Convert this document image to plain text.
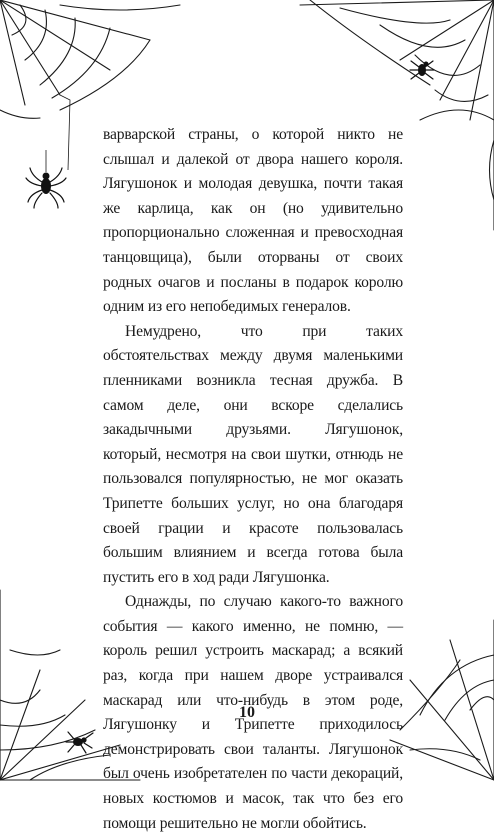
варварской страны, о которой никто не слышал и далекой от двора нашего короля. Лягушонок и молодая девушка, почти такая же карлица, как он (но удивительно пропорционально сложенная и превосходная танцовщица), были оторваны от своих родных очагов и посланы в подарок королю одним из его непобедимых генералов.

Немудрено, что при таких обстоятельствах между двумя маленькими пленниками возникла тесная дружба. В самом деле, они вскоре сделались закадычными друзьями. Лягушонок, который, несмотря на свои шутки, отнюдь не пользовался популярностью, не мог оказать Трипетте больших услуг, но она благодаря своей грации и красоте пользовалась большим влиянием и всегда готова была пустить его в ход ради Лягушонка.

Однажды, по случаю какого-то важного события — какого именно, не помню, — король решил устроить маскарад; а всякий раз, когда при нашем дворе устраивался маскарад или что-нибудь в этом роде, Лягушонку и Трипетте приходилось демонстрировать свои таланты. Лягушонок был очень изобретателен по части декораций, новых костюмов и масок, так что без его помощи решительно не могли обойтись.

10
